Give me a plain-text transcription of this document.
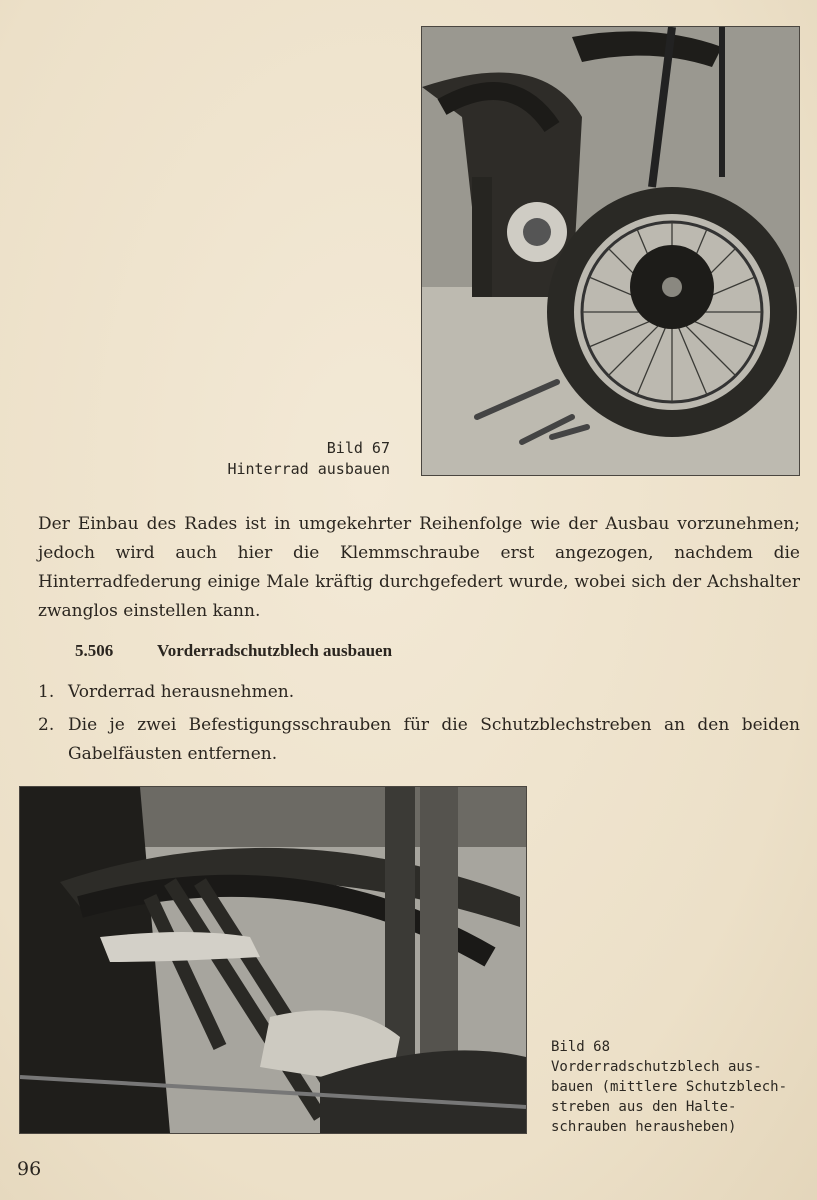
Bild 67
Hinterrad ausbauen
Der Einbau des Rades ist in umgekehrter Reihenfolge wie der Ausbau vorzunehmen; jedoch wird auch hier die Klemmschraube erst angezogen, nachdem die Hinterradfederung einige Male kräftig durchgefedert wurde, wobei sich der Achshalter zwanglos einstellen kann.
5.506	Vorderradschutzblech ausbauen
1. Vorderrad herausnehmen.
2. Die je zwei Befestigungsschrauben für die Schutzblechstreben an den beiden Gabelfäusten entfernen.
Bild 68
Vorderradschutzblech aus-
bauen (mittlere Schutzblech-
streben aus den Halte-
schrauben herausheben)
96
